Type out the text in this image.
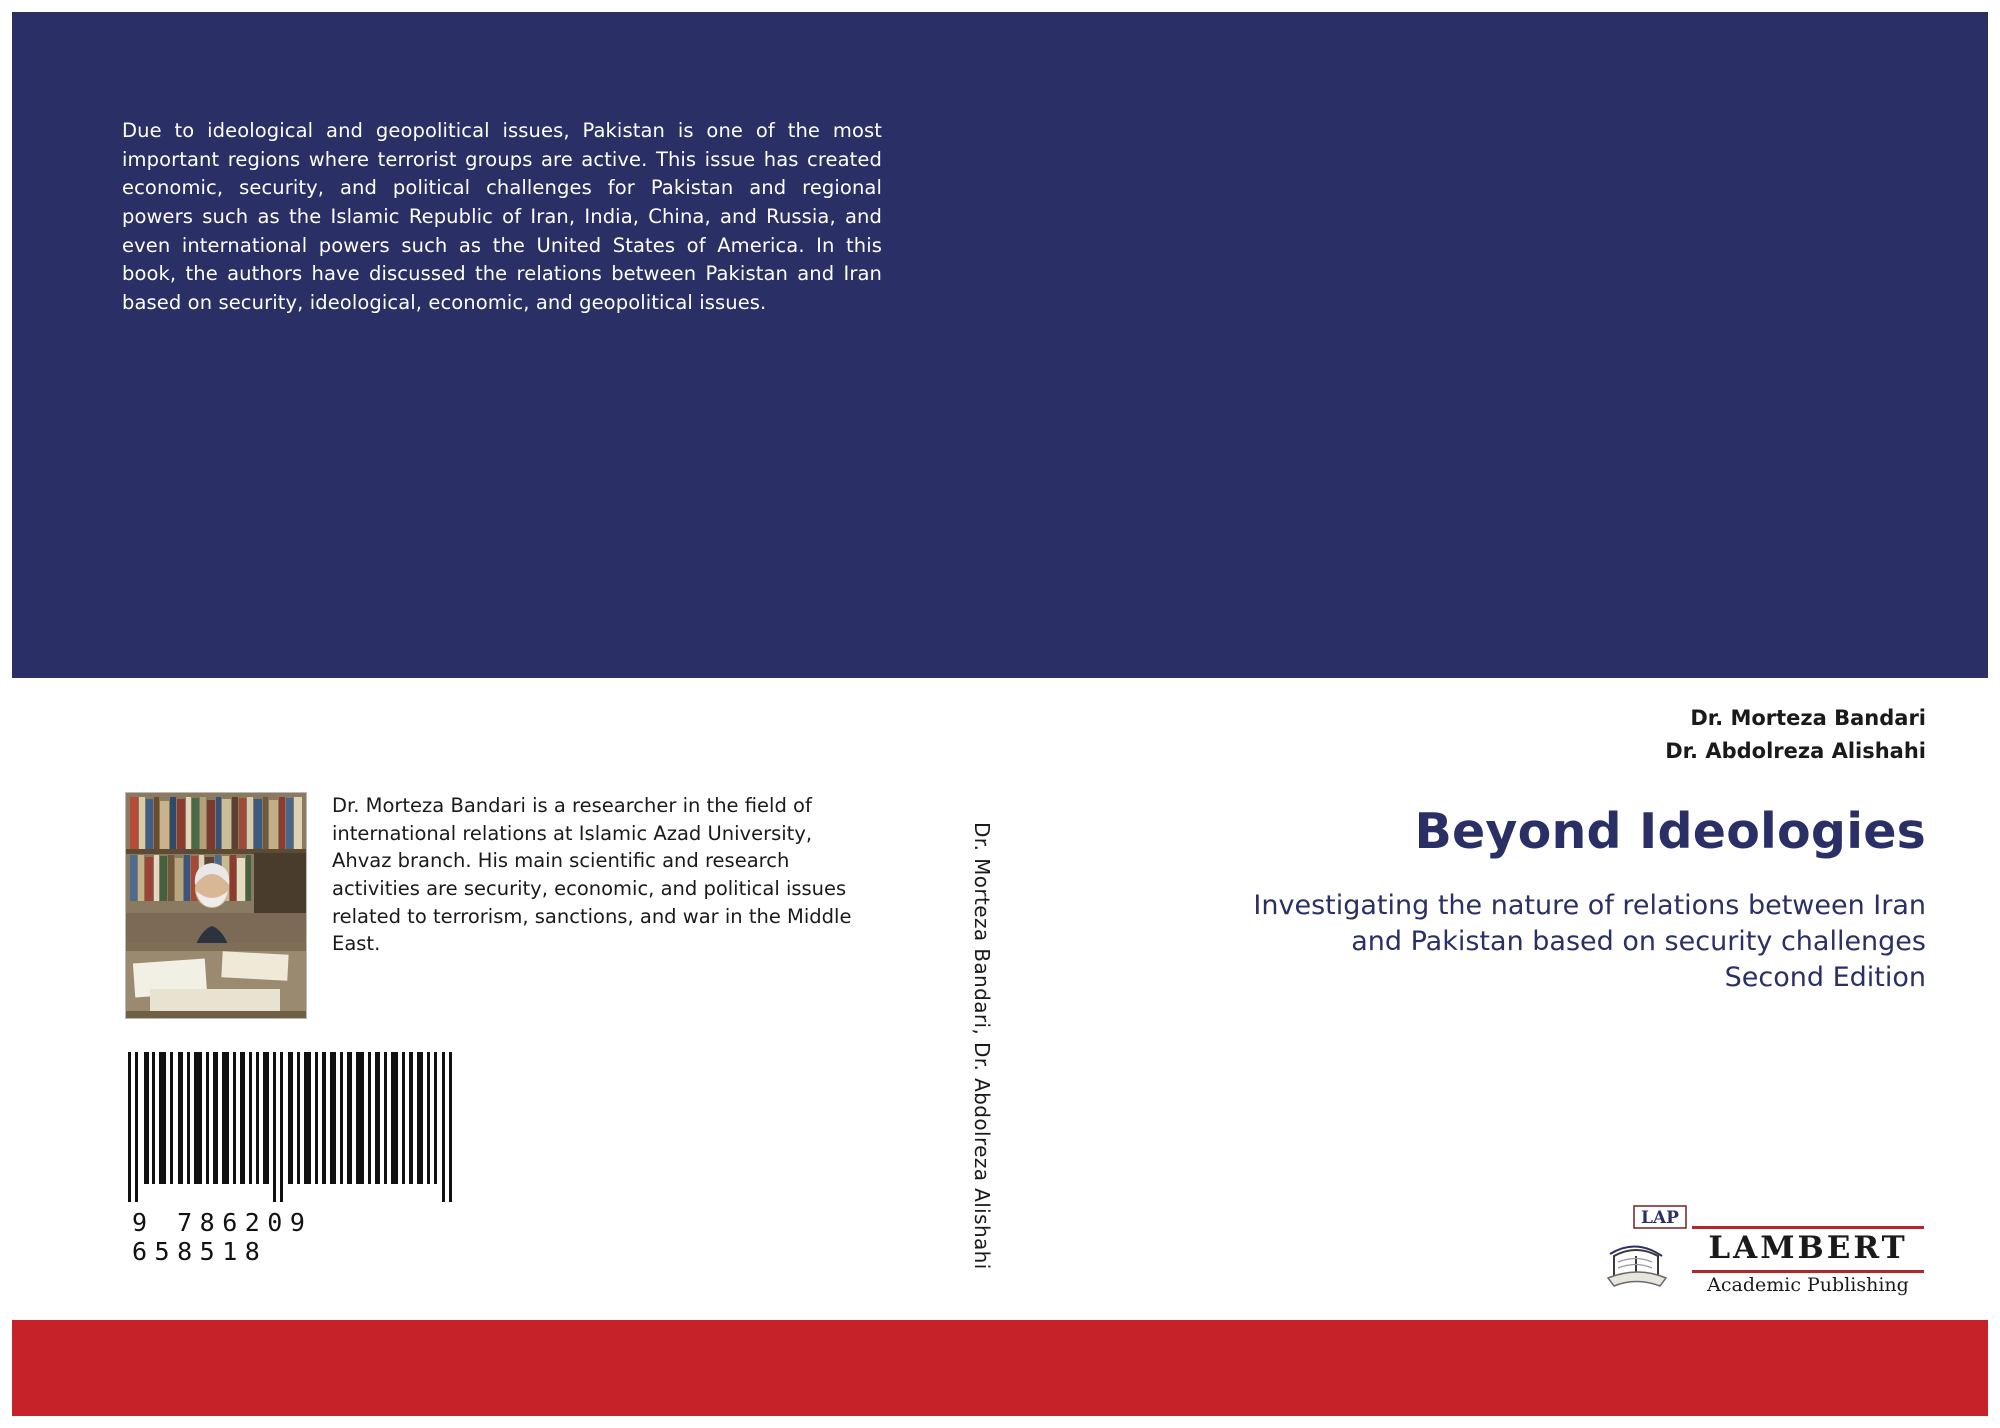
Due to ideological and geopolitical issues, Pakistan is one of the most important regions where terrorist groups are active. This issue has created economic, security, and political challenges for Pakistan and regional powers such as the Islamic Republic of Iran, India, China, and Russia, and even international powers such as the United States of America. In this book, the authors have discussed the relations between Pakistan and Iran based on security, ideological, economic, and geopolitical issues.
Dr. Morteza Bandari is a researcher in the field of international relations at Islamic Azad University, Ahvaz branch. His main scientific and research activities are security, economic, and political issues related to terrorism, sanctions, and war in the Middle East.
9 786209 658518	Dr. Morteza Bandari, Dr. Abdolreza Alishahi
Dr. Morteza Bandari
Dr. Abdolreza Alishahi
Beyond Ideologies
Investigating the nature of relations between Iran
and Pakistan based on security challenges
Second Edition
LAP
LAMBERT
Academic Publishing
